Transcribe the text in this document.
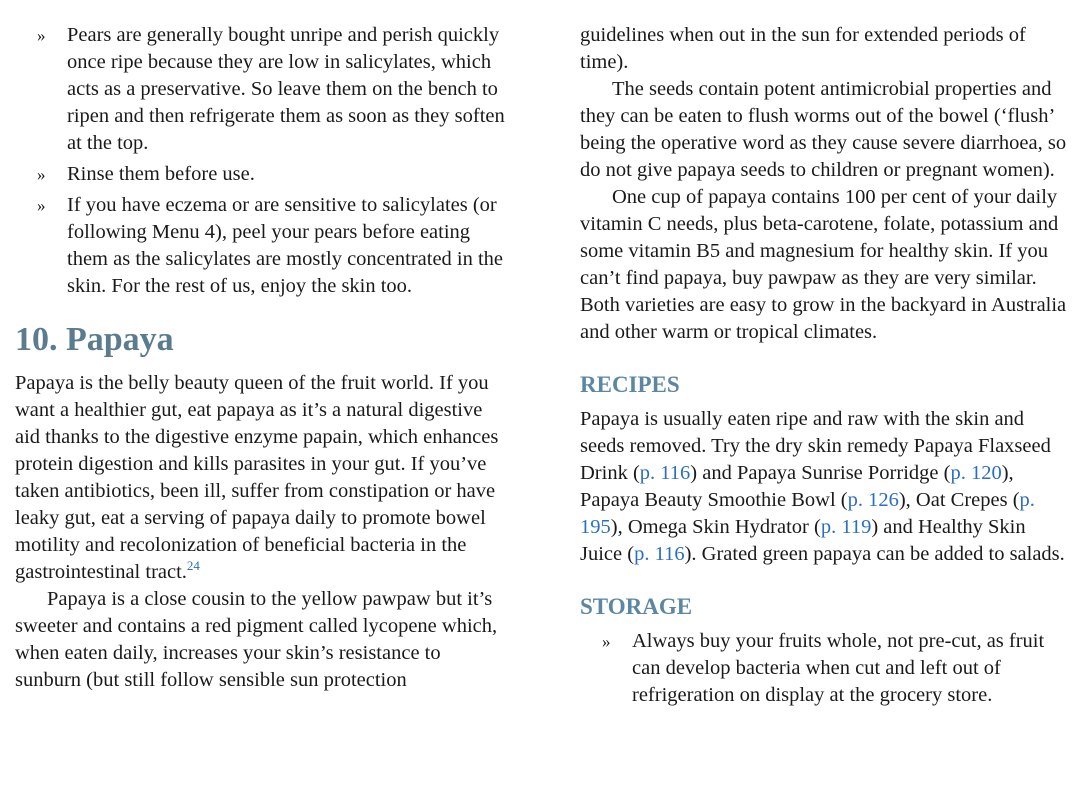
» Pears are generally bought unripe and perish quickly once ripe because they are low in salicylates, which acts as a preservative. So leave them on the bench to ripen and then refrigerate them as soon as they soften at the top.
» Rinse them before use.
» If you have eczema or are sensitive to salicylates (or following Menu 4), peel your pears before eating them as the salicylates are mostly concentrated in the skin. For the rest of us, enjoy the skin too.
10. Papaya

Papaya is the belly beauty queen of the fruit world. If you want a healthier gut, eat papaya as it’s a natural digestive aid thanks to the digestive enzyme papain, which enhances protein digestion and kills parasites in your gut. If you’ve taken antibiotics, been ill, suffer from constipation or have leaky gut, eat a serving of papaya daily to promote bowel motility and recolonization of beneficial bacteria in the gastrointestinal tract.$^{24}$

Papaya is a close cousin to the yellow pawpaw but it’s sweeter and contains a red pigment called lycopene which, when eaten daily, increases your skin’s resistance to sunburn (but still follow sensible sun protection

guidelines when out in the sun for extended periods of time).

The seeds contain potent antimicrobial properties and they can be eaten to flush worms out of the bowel (‘flush’ being the operative word as they cause severe diarrhoea, so do not give papaya seeds to children or pregnant women).

One cup of papaya contains 100 per cent of your daily vitamin C needs, plus beta-carotene, folate, potassium and some vitamin B5 and magnesium for healthy skin. If you can’t find papaya, buy pawpaw as they are very similar. Both varieties are easy to grow in the backyard in Australia and other warm or tropical climates.

RECIPES

Papaya is usually eaten ripe and raw with the skin and seeds removed. Try the dry skin remedy Papaya Flaxseed Drink (p. 116) and Papaya Sunrise Porridge (p. 120), Papaya Beauty Smoothie Bowl (p. 126), Oat Crepes (p. 195), Omega Skin Hydrator (p. 119) and Healthy Skin Juice (p. 116). Grated green papaya can be added to salads.

STORAGE
» Always buy your fruits whole, not pre-cut, as fruit can develop bacteria when cut and left out of refrigeration on display at the grocery store.
